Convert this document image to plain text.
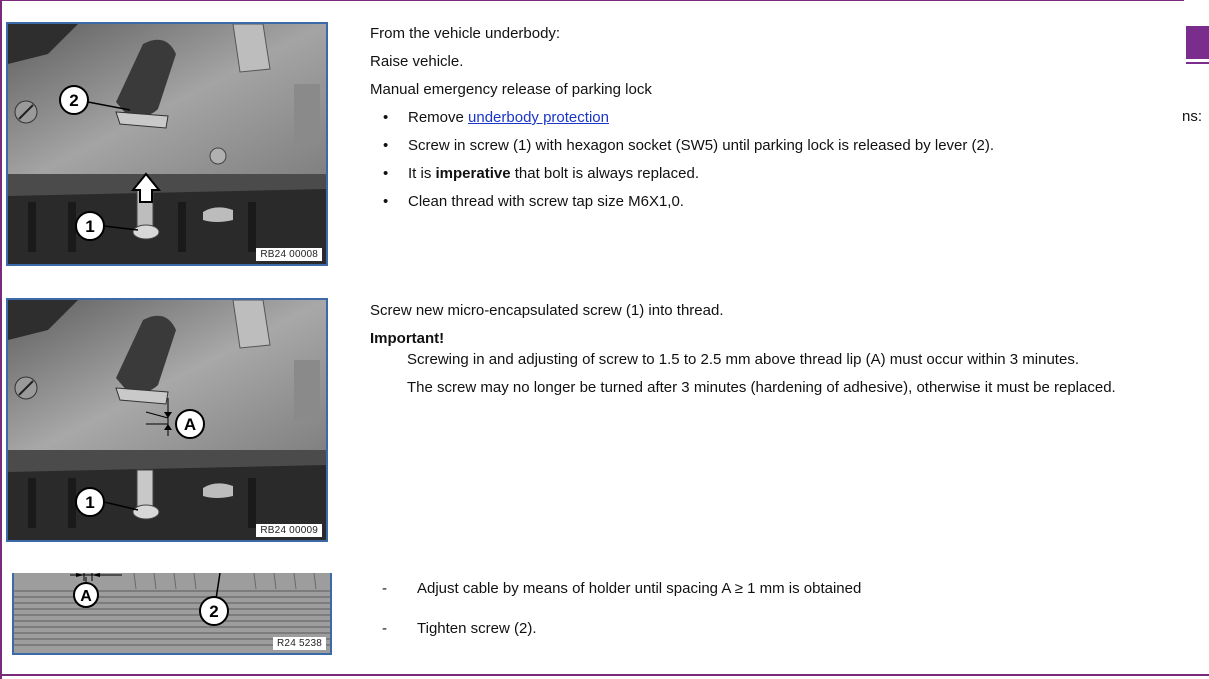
ns:
1
2
RB24 00008
From the vehicle underbody:
Raise vehicle.
Manual emergency release of parking lock
• Remove underbody protection
• Screw in screw (1) with hexagon socket (SW5) until parking lock is released by lever (2).
• It is imperative that bolt is always replaced.
• Clean thread with screw tap size M6X1,0.
1
A
RB24 00009
Screw new micro-encapsulated screw (1) into thread.
Important!
Screwing in and adjusting of screw to 1.5 to 2.5 mm above thread lip (A) must occur within 3 minutes.
The screw may no longer be turned after 3 minutes (hardening of adhesive), otherwise it must be replaced.
A
2
R24 5238
- Adjust cable by means of holder until spacing A ≥ 1 mm is obtained
- Tighten screw (2).
